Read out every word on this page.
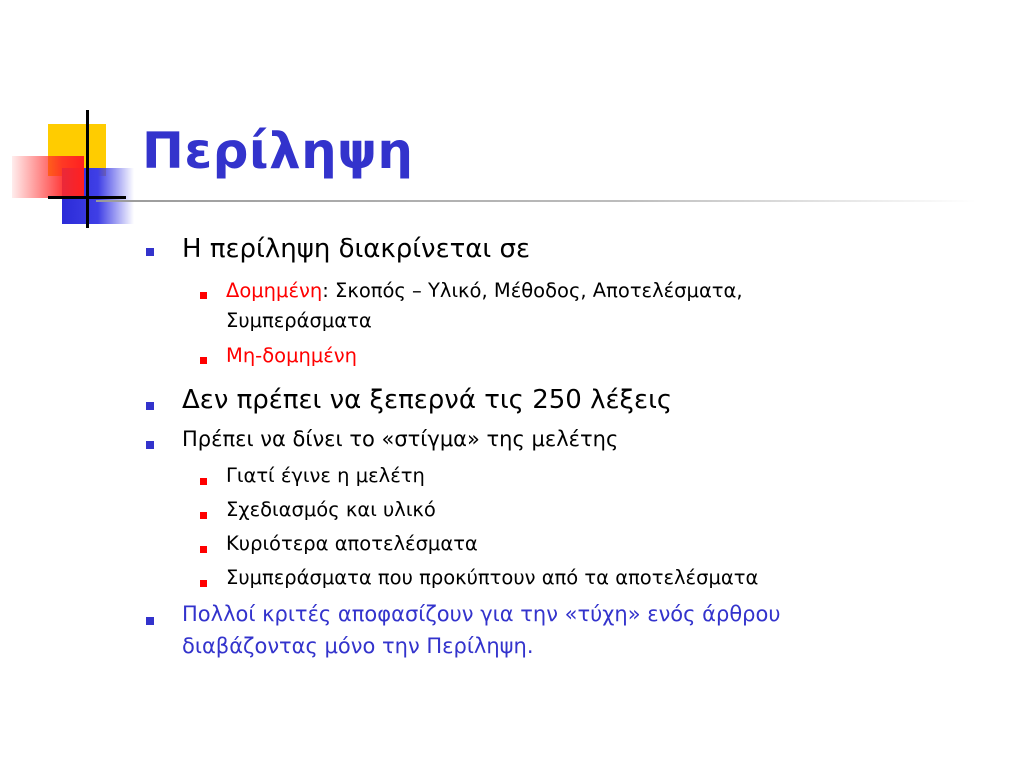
Περίληψη
Η περίληψη διακρίνεται σε
Δομημένη: Σκοπός – Υλικό, Μέθοδος, Αποτελέσματα,
Συμπεράσματα
Μη-δομημένη
Δεν πρέπει να ξεπερνά τις 250 λέξεις
Πρέπει να δίνει το «στίγμα» της μελέτης
Γιατί έγινε η μελέτη
Σχεδιασμός και υλικό
Κυριότερα αποτελέσματα
Συμπεράσματα που προκύπτουν από τα αποτελέσματα
Πολλοί κριτές αποφασίζουν για την «τύχη» ενός άρθρου
διαβάζοντας μόνο την Περίληψη.
